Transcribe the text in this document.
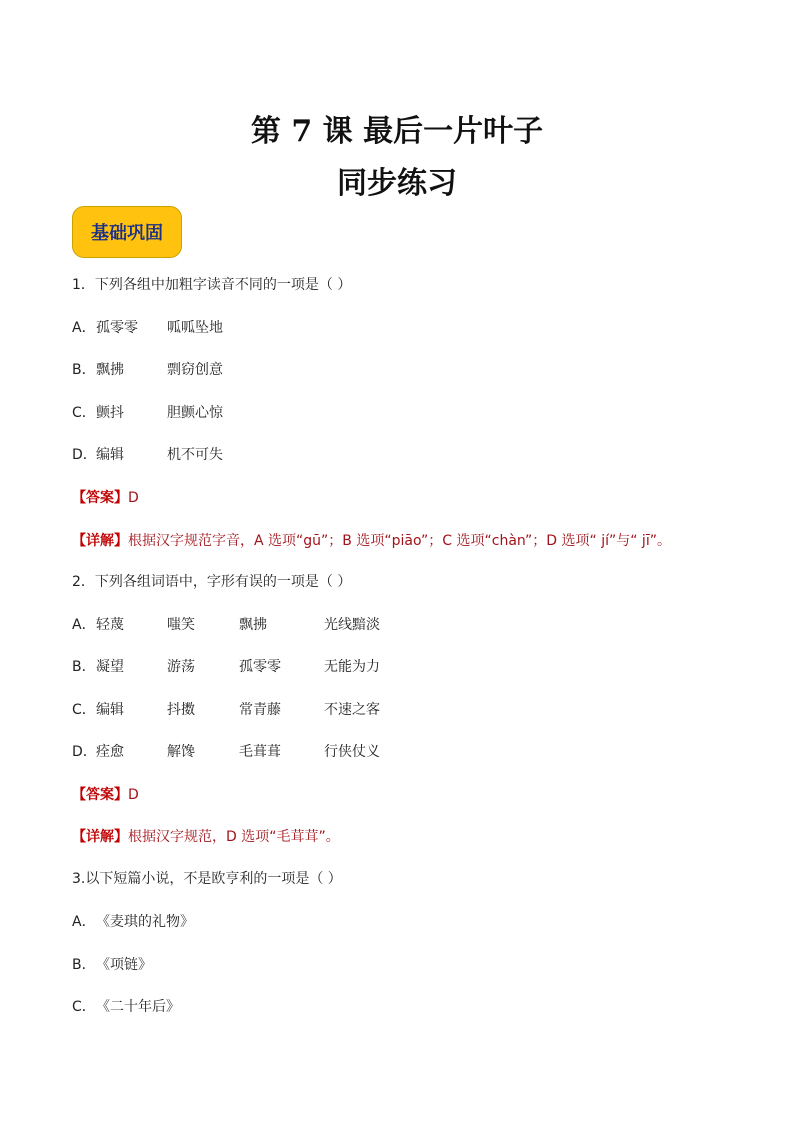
第 7 课 最后一片叶子
同步练习
基础巩固
1．下列各组中加粗字读音不同的一项是（ ）
A． 孤零零 呱呱坠地
B． 飘拂	剽窃创意
C． 颤抖	胆颤心惊
D． 编辑	机不可失
【答案】 D
【详解】 根据汉字规范字音，A 选项“gū”；B 选项“piāo”；C 选项“chàn”；D 选项“ jí”与“ jī”。
2．下列各组词语中，字形有误的一项是（ ）
A． 轻蔑	嗤笑	飘拂	光线黯淡
B． 凝望	游荡	孤零零	无能为力
C． 编辑	抖擞	常青藤	不速之客
D． 痊愈	解馋	毛葺葺	行侠仗义
【答案】 D
【详解】 根据汉字规范，D 选项“毛茸茸”。
3.以下短篇小说，不是欧亨利的一项是（ ）
A． 《麦琪的礼物》
B． 《项链》
C． 《二十年后》
